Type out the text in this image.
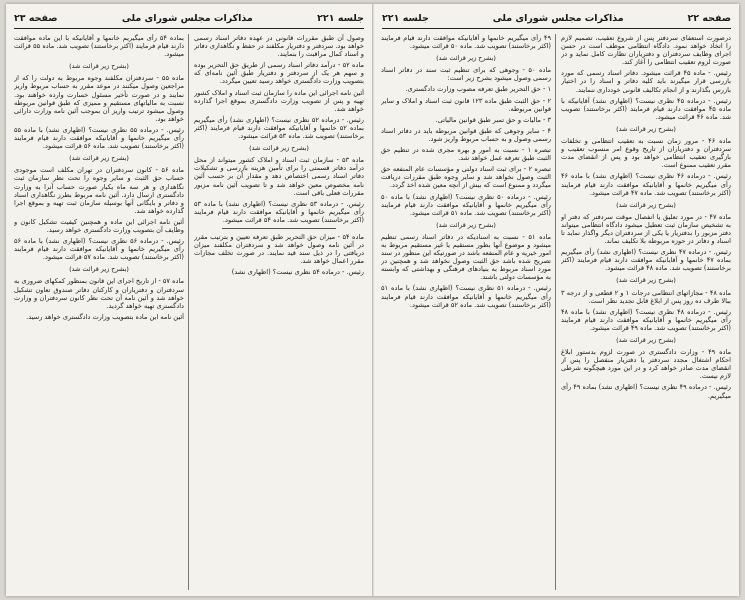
جلسه ۲۲۱
مذاکرات مجلس شورای ملی
صفحه ۲۳

وصول آن طبق مقررات قانونی در عهده دفاتر اسناد رسمی خواهد بود. سردفتر و دفتریار مکلفند در حفظ و نگاهداری دفاتر و اسناد کمال مراقبت را بنمایند.

ماده ۵۲ - درآمد دفاتر اسناد رسمی از طریق حق التحریر بوده و سهم هر یک از سردفتر و دفتریار طبق آئین نامه‌ای که بتصویب وزارت دادگستری خواهد رسید تعیین میگردد.

آئین نامه اجرائی این ماده را سازمان ثبت اسناد و املاک کشور تهیه و پس از تصویب وزارت دادگستری بموقع اجرا گذارده خواهد شد.

رئیس. - درماده ۵۲ نظری نیست؟ (اظهاری نشد) رأی میگیریم بماده ۵۲ خانمها و آقایانیکه موافقت دارند قیام فرمایند (اکثر برخاستند) تصویب شد. ماده ۵۳ قرائت میشود.

(بشرح زیر قرائت شد)

ماده ۵۳ - سازمان ثبت اسناد و املاک کشور میتواند از محل درآمد دفاتر قسمتی را برای تأمین هزینه بازرسی و تشکیلات دفاتر اسناد رسمی اختصاص دهد و مقدار آن بر حسب آئین نامه مخصوص معین خواهد شد و تا تصویب آئین نامه مزبور مقررات فعلی باقی است.

رئیس. - درماده ۵۳ نظری نیست؟ (اظهاری نشد) با ماده ۵۳ رأی میگیریم خانمها و آقایانیکه موافقت دارند قیام فرمایند (اکثر برخاستند) تصویب شد. ماده ۵۴ قرائت میشود.

ماده ۵۴ - میزان حق التحریر طبق تعرفه تعیین و بترتیب مقرر در آئین نامه وصول خواهد شد و سردفتران مکلفند میزان دریافتی را در ذیل سند قید نمایند. در صورت تخلف مجازات مقرر اعمال خواهد شد.

رئیس. - درماده ۵۴ نظری نیست؟ (اظهاری نشد)

بماده ۵۴ رأی میگیریم خانمها و آقایانیکه با این ماده موافقت دارند قیام فرمایند (اکثر برخاستند) تصویب شد. ماده ۵۵ قرائت میشود.

(بشرح زیر قرائت شد)

ماده ۵۵ - سردفتران مکلفند وجوه مربوط به دولت را که از مراجعین وصول میکنند در موعد مقرر به حساب مربوط واریز نمایند و در صورت تأخیر مسئول خسارت وارده خواهند بود. نسبت به مالیاتهای مستقیم و ممیزی که طبق قوانین مربوطه وصول میشود ترتیب واریز آن بموجب آئین نامه وزارت دارائی خواهد بود.

رئیس. - درماده ۵۵ نظری نیست؟ (اظهاری نشد) با ماده ۵۵ رأی میگیریم خانمها و آقایانیکه موافقت دارند قیام فرمایند (اکثر برخاستند) تصویب شد. ماده ۵۶ قرائت میشود.

(بشرح زیر قرائت شد)

ماده ۵۶ - کانون سردفتران در تهران مکلف است موجودی حساب حق الثبت و سایر وجوه را تحت نظر سازمان ثبت نگاهداری و هر سه ماه یکبار صورت حساب آنرا به وزارت دادگستری ارسال دارد. آئین نامه مربوط بطرز نگاهداری اسناد و دفاتر و بایگانی آنها بوسیله سازمان ثبت تهیه و بموقع اجرا گذارده خواهد شد.

آئین نامه اجرائی این ماده و همچنین کیفیت تشکیل کانون و وظایف آن بتصویب وزارت دادگستری خواهد رسید.

رئیس. - درماده ۵۶ نظری نیست؟ (اظهاری نشد) با ماده ۵۶ رأی میگیریم خانمها و آقایانیکه موافقت دارند قیام فرمایند (اکثر برخاستند) تصویب شد. ماده ۵۷ قرائت میشود.

(بشرح زیر قرائت شد)

ماده ۵۷ - از تاریخ اجرای این قانون بمنظور کمکهای ضروری به سردفتران و دفتریاران و کارکنان دفاتر صندوق تعاون تشکیل خواهد شد و آئین نامه آن تحت نظر کانون سردفتران و وزارت دادگستری تهیه خواهد گردید.

آئین نامه این ماده بتصویب وزارت دادگستری خواهد رسید.

صفحه ۲۲
مذاکرات مجلس شورای ملی
جلسه ۲۲۱

درصورت استعفای سردفتر پس از شروع تعقیب، تصمیم لازم را اتخاذ خواهد نمود. دادگاه انتظامی موظف است در حسن اجرای وظایف سردفتران و دفتریاران نظارت کامل نماید و در صورت لزوم تعقیب انتظامی را آغاز کند.

رئیس. - ماده ۴۵ قرائت میشود. دفاتر اسناد رسمی که مورد بازرسی قرار میگیرند باید کلیه دفاتر و اسناد را در اختیار بازرس بگذارند و از انجام تکالیف قانونی خودداری ننمایند.

رئیس. - درماده ۴۵ نظری نیست؟ (اظهاری نشد) آقایانیکه با ماده ۴۵ موافقت دارند قیام فرمایند (اکثر برخاستند) تصویب شد. ماده ۴۶ قرائت میشود.

(بشرح زیر قرائت شد)

ماده ۴۶ - مرور زمان نسبت به تعقیب انتظامی و تخلفات سردفتران و دفتریاران از تاریخ وقوع امر منسوب تعقیب و بازگیری تعقیب انتظامی خواهد بود و پس از انقضای مدت مقرر تعقیب ممنوع است.

رئیس. - درماده ۴۶ نظری نیست؟ (اظهاری نشد) با ماده ۴۶ رأی میگیریم خانمها و آقایانیکه موافقت دارند قیام فرمایند (اکثر برخاستند) تصویب شد. ماده ۴۷ قرائت میشود.

(بشرح زیر قرائت شد)

ماده ۴۷ - در مورد تعلیق یا انفصال موقت سردفتر که دفتر او به تشخیص سازمان ثبت تعطیل میشود دادگاه انتظامی میتواند دفتر مزبور را بدفتریار یا یکی از سردفتران دیگر واگذار نماید تا اسناد و دفاتر در حوزه مربوطه بلا تکلیف نماند.

رئیس. - درماده ۴۷ نظری نیست؟ (اظهاری نشد) رأی میگیریم بماده ۴۷ خانمها و آقایانیکه موافقت دارند قیام فرمایند (اکثر برخاستند) تصویب شد. ماده ۴۸ قرائت میشود.

(بشرح زیر قرائت شد)

ماده ۴۸ - مجازاتهای انتظامی درجات ۱ و ۲ قطعی و از درجه ۳ ببالا ظرف ده روز پس از ابلاغ قابل تجدید نظر است.

رئیس. - درماده ۴۸ نظری نیست؟ (اظهاری نشد) با ماده ۴۸ رأی میگیریم خانمها و آقایانیکه موافقت دارند قیام فرمایند (اکثر برخاستند) تصویب شد. ماده ۴۹ قرائت میشود.

(بشرح زیر قرائت شد)

ماده ۴۹ - وزارت دادگستری در صورت لزوم بدستور ابلاغ احکام اشتغال مجدد سردفتر یا دفتریار منفصل را پس از انقضای مدت صادر خواهد کرد و در این مورد هیچگونه شرطی لازم نیست.

رئیس. - درماده ۴۹ نظری نیست؟ (اظهاری نشد) بماده ۴۹ رأی میگیریم.

۴۹ رأی میگیریم خانمها و آقایانیکه موافقت دارند قیام فرمایند (اکثر برخاستند) تصویب شد. ماده ۵۰ قرائت میشود.

(بشرح زیر قرائت شد)

ماده ۵۰ - وجوهی که برای تنظیم ثبت سند در دفاتر اسناد رسمی وصول میشود بشرح زیر است:

۱ - حق التحریر طبق تعرفه مصوب وزارت دادگستری.

۲ - حق الثبت طبق ماده ۱۲۳ قانون ثبت اسناد و املاک و سایر قوانین مربوطه.

۳ - مالیات و حق تمبر طبق قوانین مالیاتی.

۴ - سایر وجوهی که طبق قوانین مربوطه باید در دفاتر اسناد رسمی وصول و به حساب مربوط واریز شود.

تبصره ۱ - نسبت به امور و بهره مجری شده در تنظیم حق الثبت طبق تعرفه عمل خواهد شد.

تبصره ۲ - برای ثبت اسناد دولتی و مؤسسات عام المنفعه حق الثبت وصول نخواهد شد و سایر وجوه طبق مقررات دریافت میگردد و ممنوع است که بیش از آنچه معین شده اخذ گردد.

رئیس. - درماده ۵۰ نظری نیست؟ (اظهاری نشد) با ماده ۵۰ رأی میگیریم خانمها و آقایانیکه موافقت دارند قیام فرمایند (اکثر برخاستند) تصویب شد. ماده ۵۱ قرائت میشود.

(بشرح زیر قرائت شد)

ماده ۵۱ - نسبت به اسنادیکه در دفاتر اسناد رسمی تنظیم میشود و موضوع آنها بطور مستقیم یا غیر مستقیم مربوط به امور خیریه و عام المنفعه باشد در صورتیکه این منظور در سند تصریح شده باشد حق الثبت وصول نخواهد شد و همچنین در مورد اسناد مربوط به بنیادهای فرهنگی و بهداشتی که وابسته به مؤسسات دولتی باشند.

رئیس. - درماده ۵۱ نظری نیست؟ (اظهاری نشد) با ماده ۵۱ رأی میگیریم خانمها و آقایانیکه موافقت دارند قیام فرمایند (اکثر برخاستند) تصویب شد. ماده ۵۲ قرائت میشود.
